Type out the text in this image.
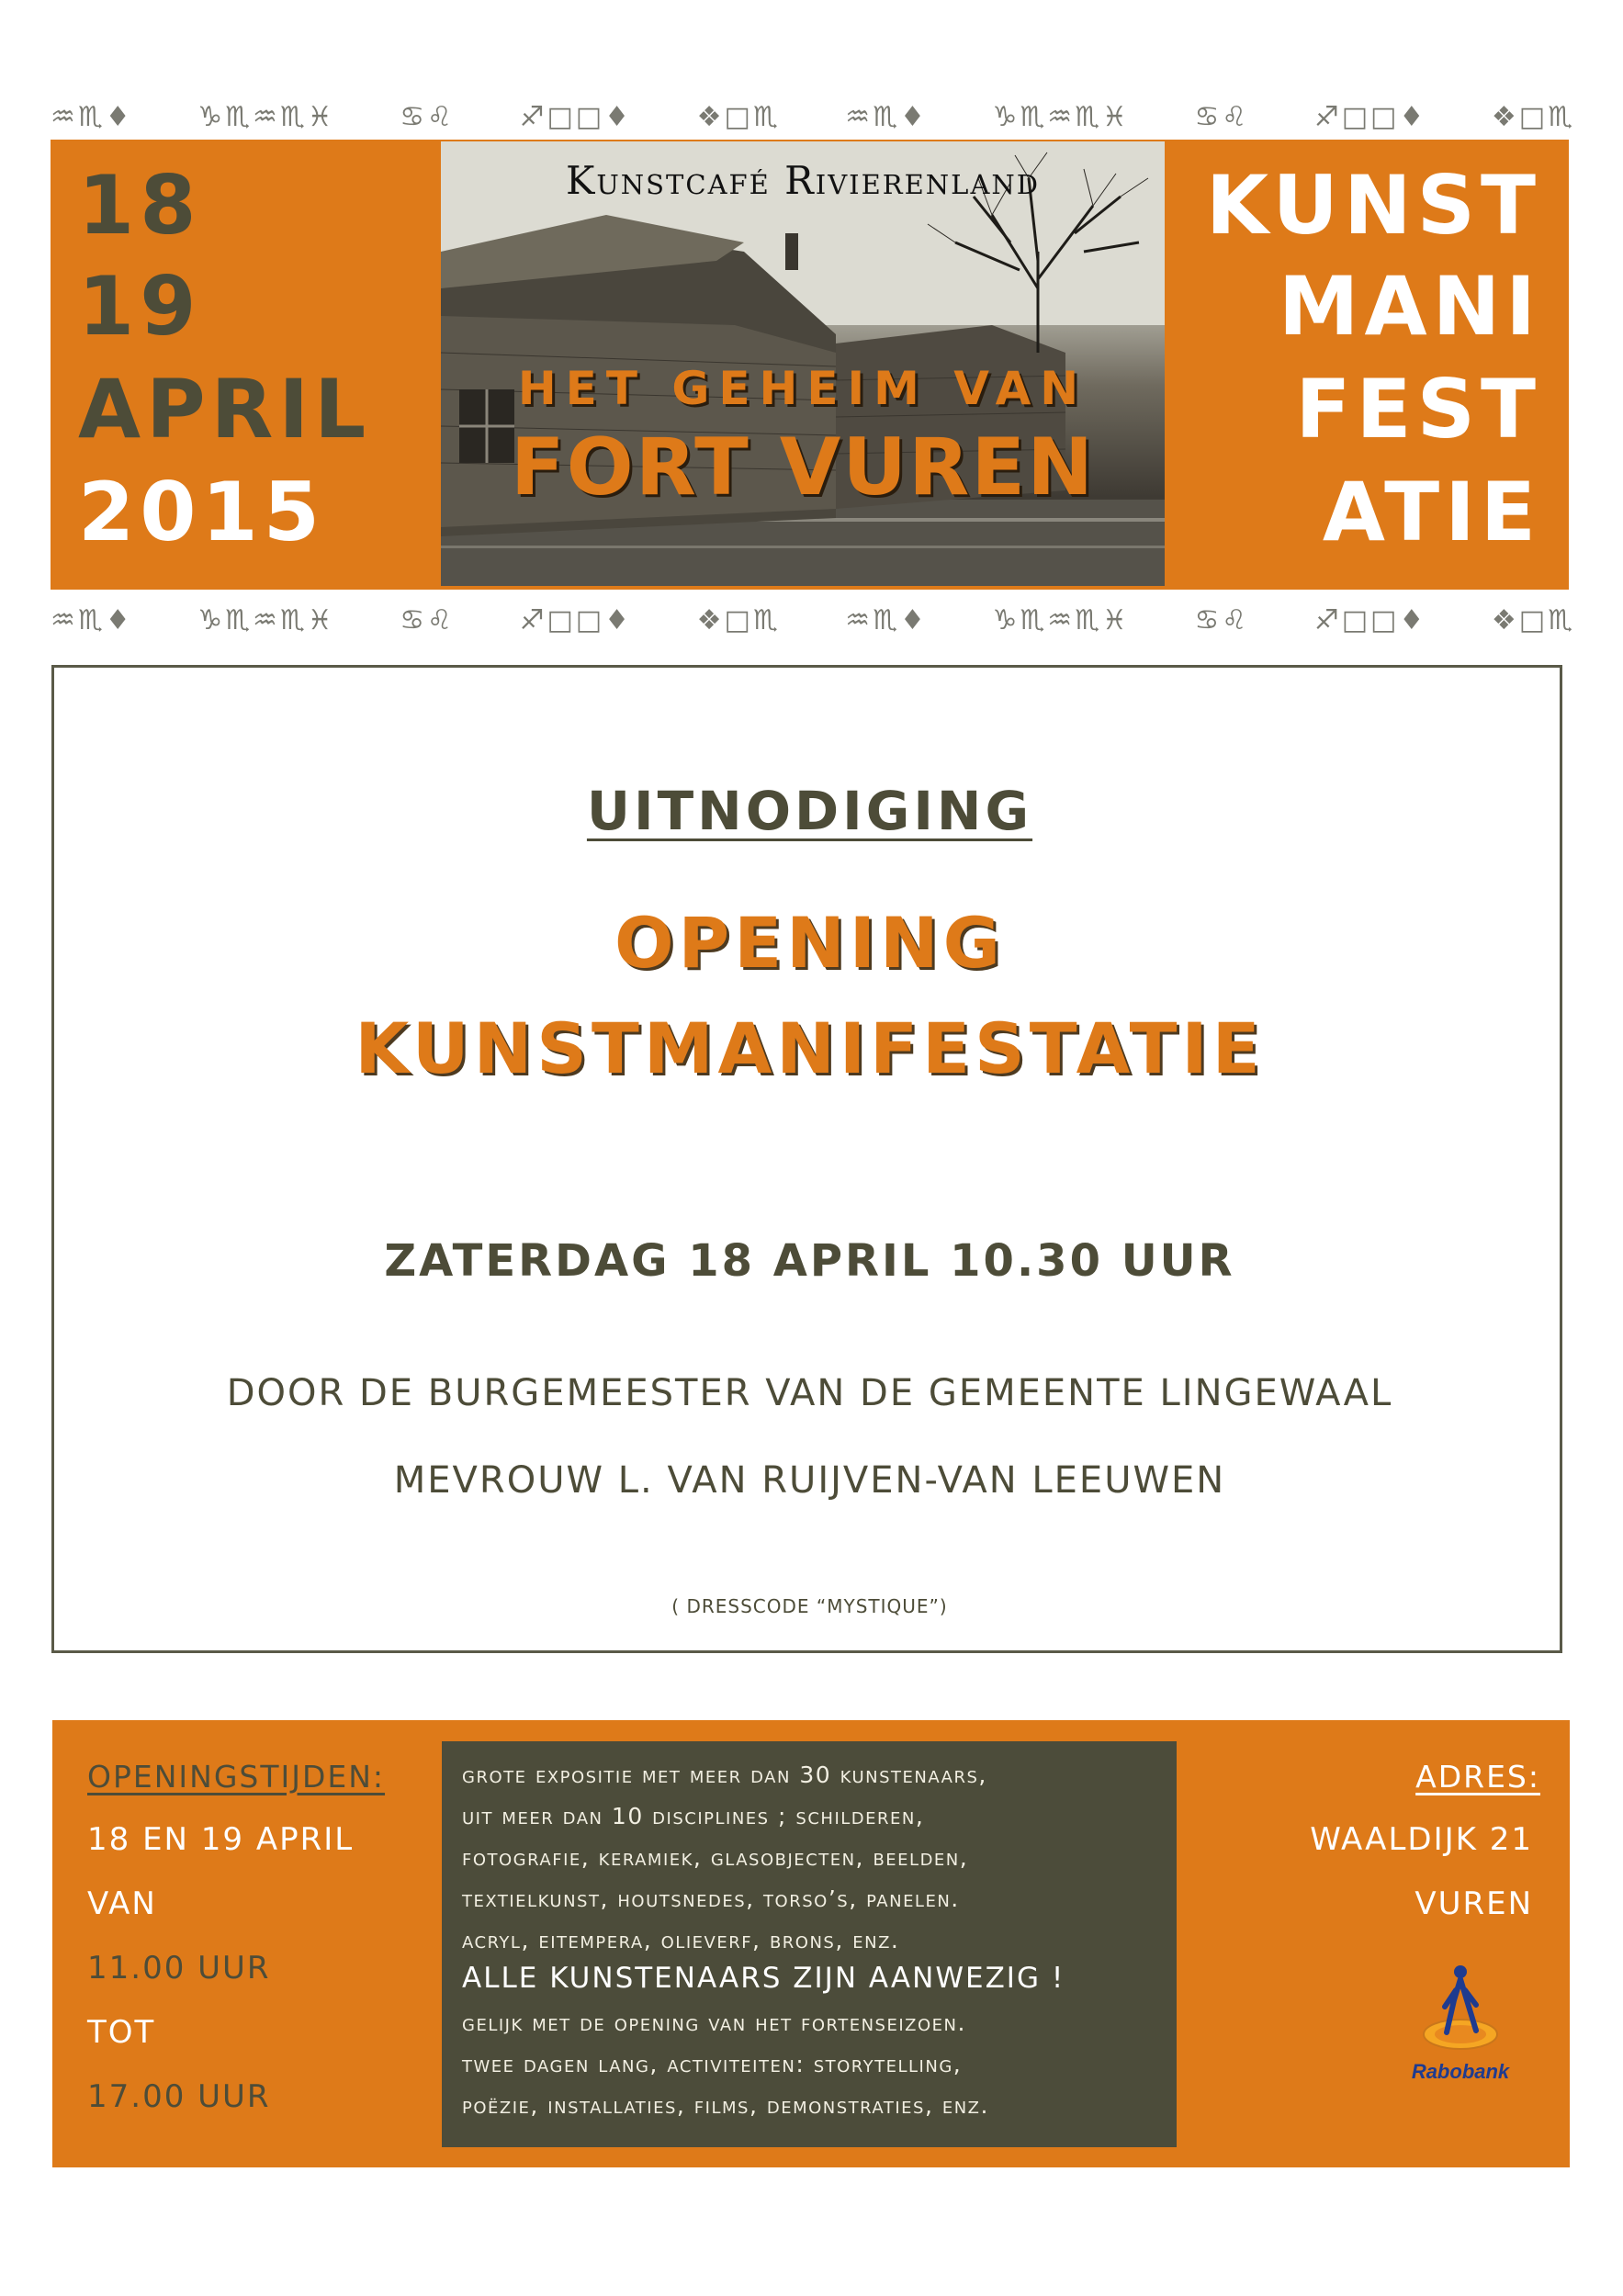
♒♏♦ ♑♏♒♏♓ ♋♌ ♐□□♦ ❖□♏ ♒♏♦ ♑♏♒♏♓ ♋♌ ♐□□♦ ❖□♏
18
19
APRIL
2015
Kunstcafé Rivierenland
HET GEHEIM VAN
FORT VUREN
KUNST
MANI
FEST
ATIE
♒♏♦ ♑♏♒♏♓ ♋♌ ♐□□♦ ❖□♏ ♒♏♦ ♑♏♒♏♓ ♋♌ ♐□□♦ ❖□♏
UITNODIGING
OPENING
KUNSTMANIFESTATIE
ZATERDAG 18 APRIL 10.30 UUR
DOOR DE BURGEMEESTER VAN DE GEMEENTE LINGEWAAL
MEVROUW L. VAN RUIJVEN-VAN LEEUWEN
( DRESSCODE “MYSTIQUE”)
OPENINGSTIJDEN:
18 EN 19 APRIL
VAN
11.00 UUR
TOT
17.00 UUR
grote expositie met meer dan 30 kunstenaars,
uit meer dan 10 disciplines ; schilderen,
fotografie, keramiek, glasobjecten, beelden,
textielkunst, houtsnedes, torso’s, panelen.
acryl, eitempera, olieverf, brons, enz.
ALLE KUNSTENAARS ZIJN AANWEZIG !
gelijk met de opening van het fortenseizoen.
twee dagen lang, activiteiten: storytelling,
poëzie, installaties, films, demonstraties, enz.
ADRES:
WAALDIJK 21
VUREN
Rabobank
